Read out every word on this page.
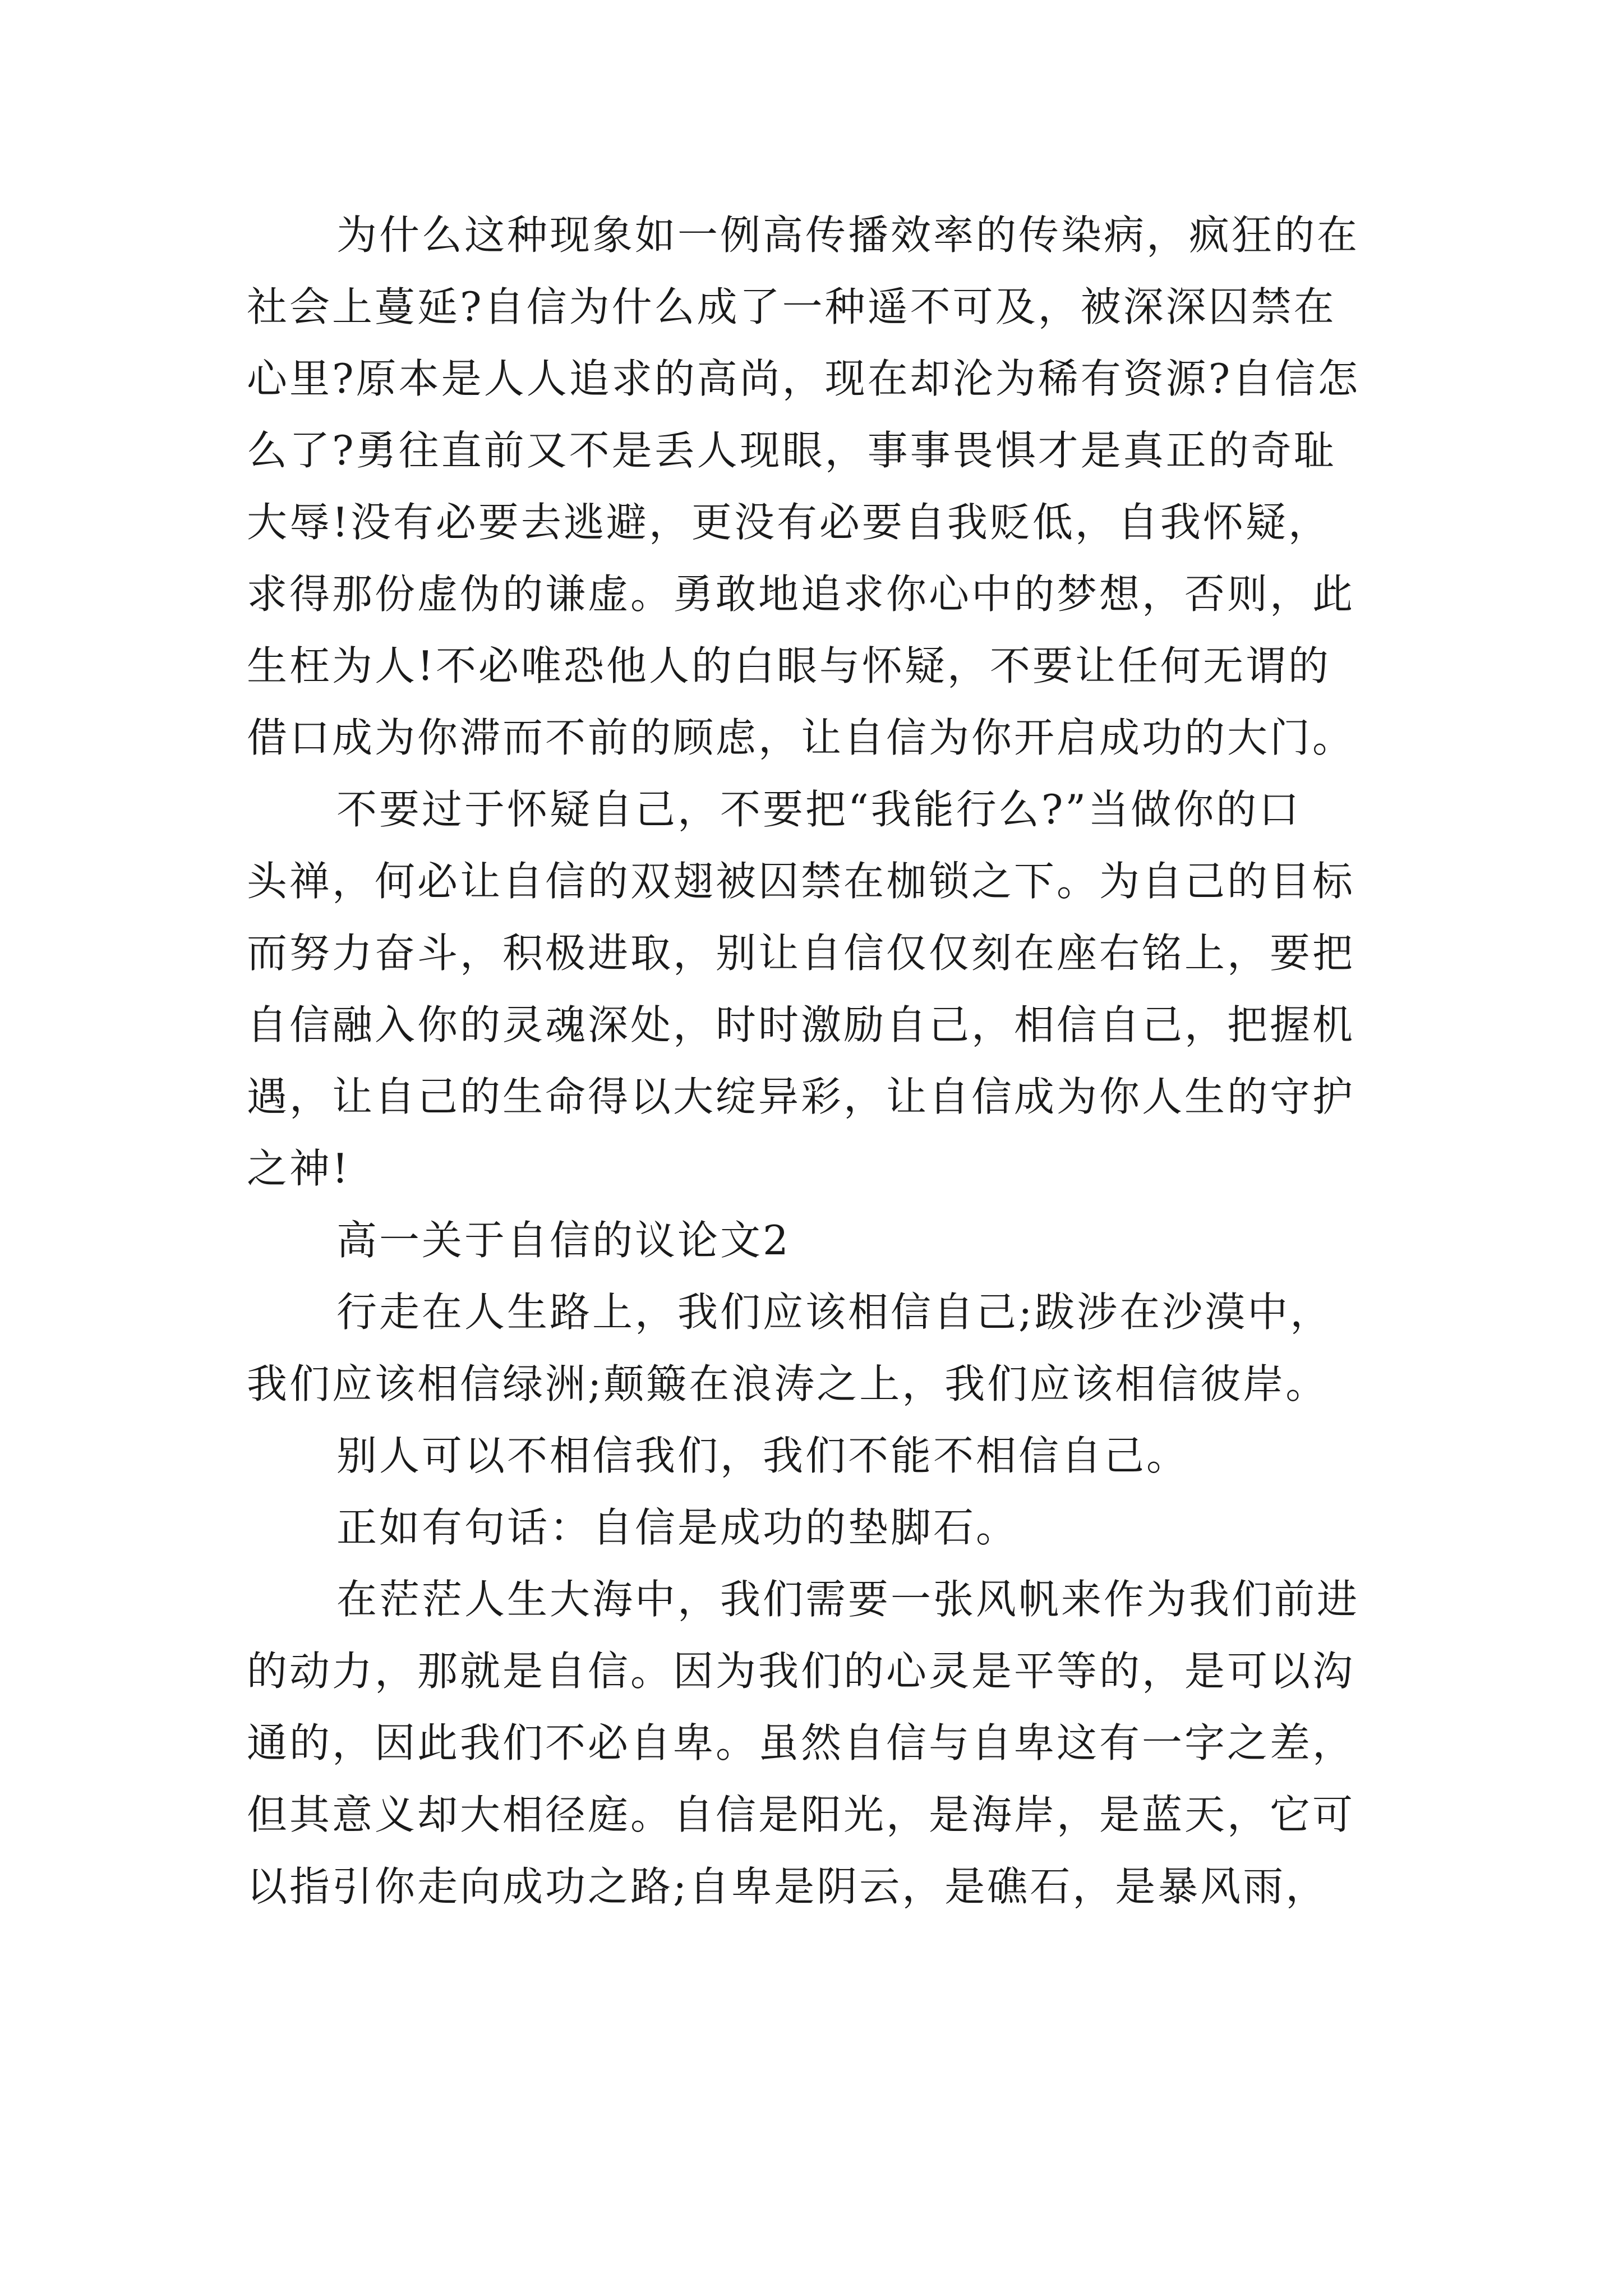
为什么这种现象如一例高传播效率的传染病，疯狂的在
社会上蔓延?自信为什么成了一种遥不可及，被深深囚禁在
心里?原本是人人追求的高尚，现在却沦为稀有资源?自信怎
么了?勇往直前又不是丢人现眼，事事畏惧才是真正的奇耻
大辱!没有必要去逃避，更没有必要自我贬低，自我怀疑，
求得那份虚伪的谦虚。勇敢地追求你心中的梦想，否则，此
生枉为人!不必唯恐他人的白眼与怀疑，不要让任何无谓的
借口成为你滞而不前的顾虑，让自信为你开启成功的大门。
不要过于怀疑自己，不要把“我能行么?”当做你的口
头禅，何必让自信的双翅被囚禁在枷锁之下。为自己的目标
而努力奋斗，积极进取，别让自信仅仅刻在座右铭上，要把
自信融入你的灵魂深处，时时激励自己，相信自己，把握机
遇，让自己的生命得以大绽异彩，让自信成为你人生的守护
之神!
高一关于自信的议论文2
行走在人生路上，我们应该相信自己;跋涉在沙漠中，
我们应该相信绿洲;颠簸在浪涛之上，我们应该相信彼岸。
别人可以不相信我们，我们不能不相信自己。
正如有句话：自信是成功的垫脚石。
在茫茫人生大海中，我们需要一张风帆来作为我们前进
的动力，那就是自信。因为我们的心灵是平等的，是可以沟
通的，因此我们不必自卑。虽然自信与自卑这有一字之差，
但其意义却大相径庭。自信是阳光，是海岸，是蓝天，它可
以指引你走向成功之路;自卑是阴云，是礁石，是暴风雨，
